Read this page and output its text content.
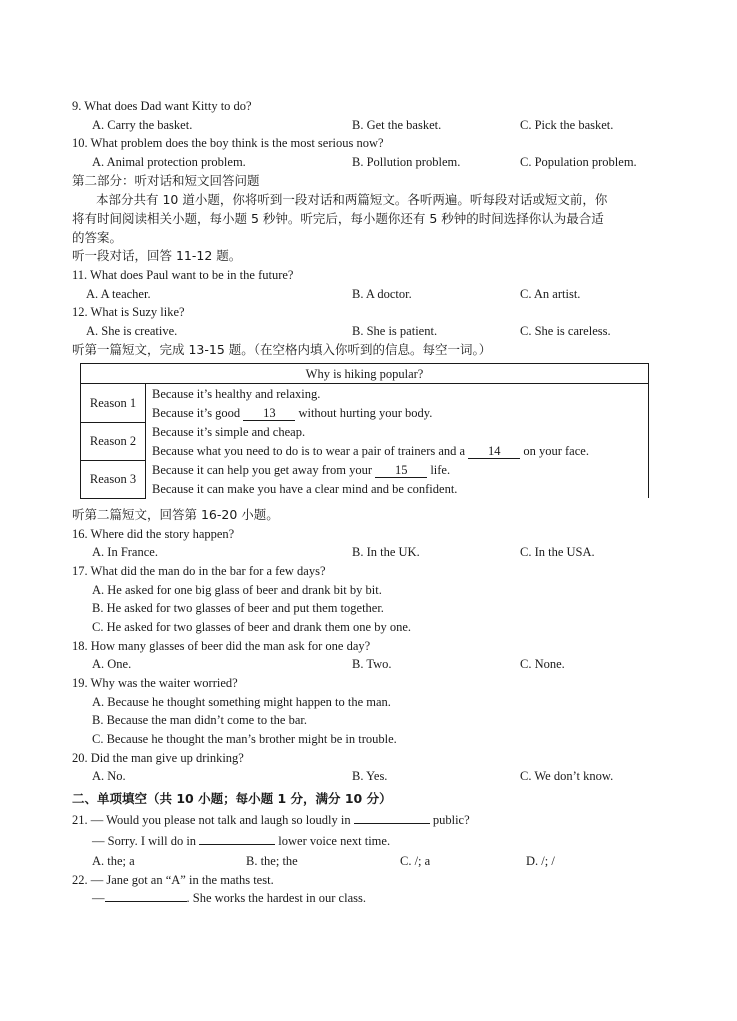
9. What does Dad want Kitty to do?
A. Carry the basket.	B. Get the basket.	C. Pick the basket.
10. What problem does the boy think is the most serious now?
A. Animal protection problem.	B. Pollution problem.	C. Population problem.
第二部分：听对话和短文回答问题
本部分共有 10 道小题，你将听到一段对话和两篇短文。各听两遍。听每段对话或短文前，你
将有时间阅读相关小题，每小题 5 秒钟。听完后，每小题你还有 5 秒钟的时间选择你认为最合适
的答案。
听一段对话，回答 11-12 题。
11. What does Paul want to be in the future?
A. A teacher.	B. A doctor.	C. An artist.
12. What is Suzy like?
A. She is creative.	B. She is patient.	C. She is careless.
听第一篇短文，完成 13-15 题。（在空格内填入你听到的信息。每空一词。）
Why is hiking popular?	
Reason 1	Because it’s healthy and relaxing.
	Because it’s good 13 without hurting your body.
Reason 2	Because it’s simple and cheap.
	Because what you need to do is to wear a pair of trainers and a 14 on your face.
Reason 3	Because it can help you get away from your 15 life.
	Because it can make you have a clear mind and be confident.
听第二篇短文，回答第 16-20 小题。
16. Where did the story happen?
A. In France.	B. In the UK.	C. In the USA.
17. What did the man do in the bar for a few days?
A. He asked for one big glass of beer and drank bit by bit.
B. He asked for two glasses of beer and put them together.
C. He asked for two glasses of beer and drank them one by one.
18. How many glasses of beer did the man ask for one day?
A. One.	B. Two.	C. None.
19. Why was the waiter worried?
A. Because he thought something might happen to the man.
B. Because the man didn’t come to the bar.
C. Because he thought the man’s brother might be in trouble.
20. Did the man give up drinking?
A. No.	B. Yes.	C. We don’t know.
二、单项填空（共 10 小题；每小题 1 分，满分 10 分）
21. — Would you please not talk and laugh so loudly in	public?
— Sorry. I will do in	lower voice next time.
A. the; a	B. the; the	C. /; a	D. /; /
22. — Jane got an “A” in the maths test.
—	. She works the hardest in our class.
